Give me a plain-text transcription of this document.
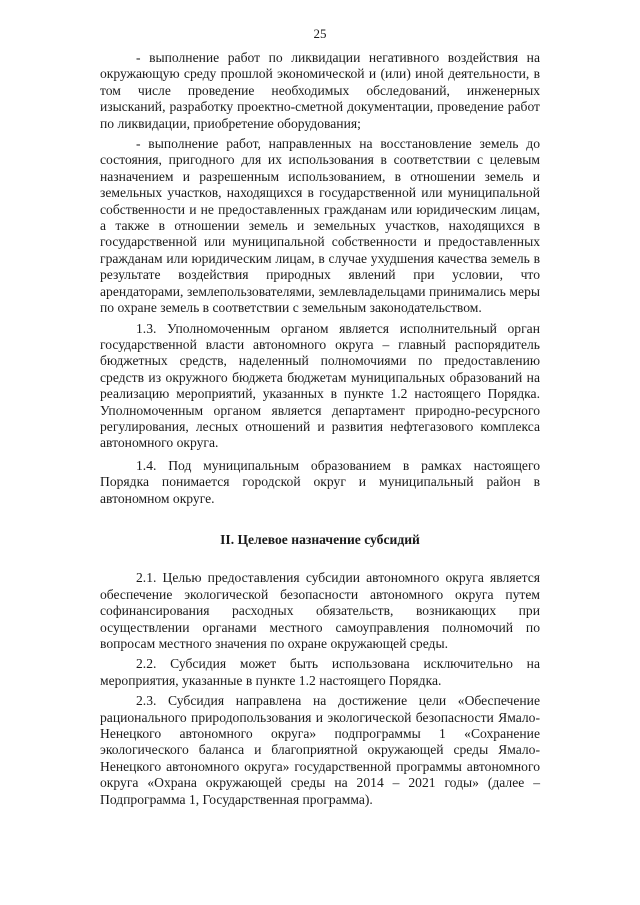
25

- выполнение работ по ликвидации негативного воздействия на окружающую среду прошлой экономической и (или) иной деятельности, в том числе проведение необходимых обследований, инженерных изысканий, разработку проектно-сметной документации, проведение работ по ликвидации, приобретение оборудования;

- выполнение работ, направленных на восстановление земель до состояния, пригодного для их использования в соответствии с целевым назначением и разрешенным использованием, в отношении земель и земельных участков, находящихся в государственной или муниципальной собственности и не предоставленных гражданам или юридическим лицам, а также в отношении земель и земельных участков, находящихся в государственной или муниципальной собственности и предоставленных гражданам или юридическим лицам, в случае ухудшения качества земель в результате воздействия природных явлений при условии, что арендаторами, землепользователями, землевладельцами принимались меры по охране земель в соответствии с земельным законодательством.

1.3. Уполномоченным органом является исполнительный орган государственной власти автономного округа – главный распорядитель бюджетных средств, наделенный полномочиями по предоставлению средств из окружного бюджета бюджетам муниципальных образований на реализацию мероприятий, указанных в пункте 1.2 настоящего Порядка. Уполномоченным органом является департамент природно-ресурсного регулирования, лесных отношений и развития нефтегазового комплекса автономного округа.

1.4. Под муниципальным образованием в рамках настоящего Порядка понимается городской округ и муниципальный район в автономном округе.

II. Целевое назначение субсидий

2.1. Целью предоставления субсидии автономного округа является обеспечение экологической безопасности автономного округа путем софинансирования расходных обязательств, возникающих при осуществлении органами местного самоуправления полномочий по вопросам местного значения по охране окружающей среды.

2.2. Субсидия может быть использована исключительно на мероприятия, указанные в пункте 1.2 настоящего Порядка.

2.3. Субсидия направлена на достижение цели «Обеспечение рационального природопользования и экологической безопасности Ямало-Ненецкого автономного округа» подпрограммы 1 «Сохранение экологического баланса и благоприятной окружающей среды Ямало-Ненецкого автономного округа» государственной программы автономного округа «Охрана окружающей среды на 2014 – 2021 годы» (далее – Подпрограмма 1, Государственная программа).
